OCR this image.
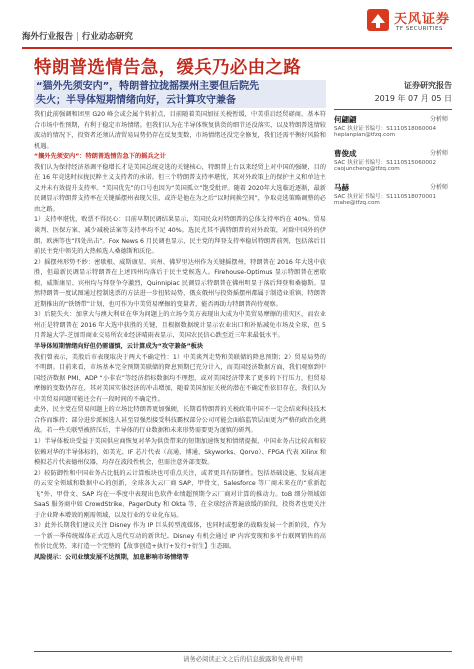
海外行业报告 | 行业动态研究
天风证券
TF SECURITIES
特朗普选情告急，缓兵乃必由之路
“猫外先须安内”，特朗普拉拢摇摆州主要但后院先
失火；半导体短期情绪向好，云计算攻守兼备
证券研究报告
2019 年 07 月 05 日
何翩翩	分析师
SAC 执业证书编号：S1110518060004
hepianpian@tfzq.com
曹俊成	分析师
SAC 执业证书编号：S1110515060002
caojuncheng@tfzq.com
马赫	分析师
SAC 执业证书编号：S1110518070001
mahe@tfzq.com
我们此前强调和团里 G20 峰会或会属个转折点，目前随着美国加征关税暂缓，中美重启经贸磋商，基本符合市场中性预期，有利于稳定市场情绪。但我们认为在半导体恢复供货的细节还没落实，以及特朗普选情较波动的情况下，投资者还须认清贸易局势仍存在反复变数，市场情绪还没完全修复，我们还需平衡好风险和机遇。
“攘外先须安内”：特朗普选情告急下的摇兵之计
我们认为保持经济基调平稳增长才是美国总统竞选的关键核心，特朗普上台以来经贸上对中国的强硬，目的在 16 年竞选时拉拢民粹主义支持者的承诺。但三个特朗普支持率堪忧，其对外政策上的保护主义和单边主义并未有效提升支持率。“美国优先”的口号也因为“美国孤立”饱受批评。随着 2020年大选临近逐渐，最新民调显示特朗普支持率在关键摇摆州表现欠佳，或许是他在为之后“以时间换空间”，争取竞选策略调整的必由之路。
1）支持率堪忧，败票不得民心：目前早期民调结果显示，美国民众对特朗普的总体支持率约在 40%。贸易谈判、医保方案、减少减税法案等支持率均不足 40%。选民尤其不满特朗普的对外政策，对除中国外的伊朗、欧洲等也“四处出击”。Fox News 6 月民调也显示，民主党的拜登支持率稳居特朗普前列，包括落后目前民主党中领先的大热候选人桑德斯和沃伦。
2）摇摆州形势不妙：密歇根、威斯康星、宾州、佛罗里达州作为关键摇摆州，特朗普在 2016 年大选中获胜，但最新民调显示特朗普在上述四州均落后于民主党候选人。Firehouse-Optimus 显示特朗普在密歇根、威斯康星、宾州均与拜登争夺激烈，Quinnipiac 民调显示特朗普在佛州明显于落后拜登和桑德斯。显然特朗普一度试图通过控制选票的方法进一步扭转局势，俄亥俄州与投资摇摆州都属于制造业重镇，特朗普近期推出的“铁锈带”计划，也可作为中美贸易摩擦的变量者，能否再助力特朗普尚待观察。
3）后院失火：加拿大与澳大利亚在华为问题上的立场令美方表现出大成为中美贸易摩擦的重灾区，而农业州正是特朗普在 2016 年大选中获胜的关键，且根据数据统计显示农业出口和补贴减免市场及全球，但 5 月普遍大学-芝加哥商业交易所农业经济晴雨表显示，美国农民信心跌至近三年来最低水平。
半导体短期情绪向好但仍需谨慎，云计算成为“攻守兼备”板块
我们曾表示，美股后市表现取决于两大不确定性：1）中美谈判走势和美联储的降息预期；2）贸易局势的不明朗。目前来看，市场基本完全预期美联储的降息预期已充分计入，而美国经济数据方面，我们观察到中国经济数据 PMI、ADP “小非农”等经济指标数据均不理想，或对美国经济带来了更多的下行压力，但贸易摩擦的变数仍存在，其对美国实体经济的冲击增加，随着美国加征关税的潜在不确定性依旧存在，我们认为中美贸易问题可能还会有一段时间的不确定性。
此外，民主党在贸易问题上的立场比特朗普更加强硬，长期看特朗普的关税政策中国不一定会结束科技技术合作而维持；部分进步派候选人甚至显强烈接受科技霸权部分公司可能会面临监管层面更为严格的政治化挑战。若一些关联型被挤压后，半导体的行业数据和未来形势需要更为谨慎的研判。
1）半导体板块受益于美国供应商恢复对华为供货带来的短期加速恢复和情绪提振，中国业务占比较高和较依赖对华的半导体标的，如美光、IF 芯片代表（高通、博通、Skyworks、Qorvo）、FPGA 代表 Xilinx 和模拟芯片代表德州仪器，均存在波段性机会，但需注意外部变数。
2）较防御性和中国业务占比低的云计算板块也可重点关注，或者更具有防御性。包括基础设施、发展高速的云安全领域和数据中心的创新，全球各大云厂商 SAP、甲骨文、Salesforce 等厂商未来在的“重新起飞”外，甲骨文、SAP 均在一季度中表现出色软件业绩超预期令云厂商对计算的推动力。toB 细分领域如 SaaS 服务商中如 CrowdStrike、PagerDuty 和 Okta 等，在全球经济普遍放缓的阶段，投资者也更关注于企业降本增效的刚需领域，以及行业的专业化布局。
3）此外长期我们建议关注 Disney 作为 IP 巨头转型流媒体，也同时或想象的战略发展一个新阶段，作为一个新一季传统媒体正式迈入迭代互动的新世纪。Disney 有机会通过 IP 内容变现和多平台联网销售的高性价比优势，来打造一个完整的【故事创造+执行+发行+衍生】生态圈。
风险提示：公司业绩发展不达预期，加息影响市场情绪等
请务必阅读正文之后的信息披露和免责申明
